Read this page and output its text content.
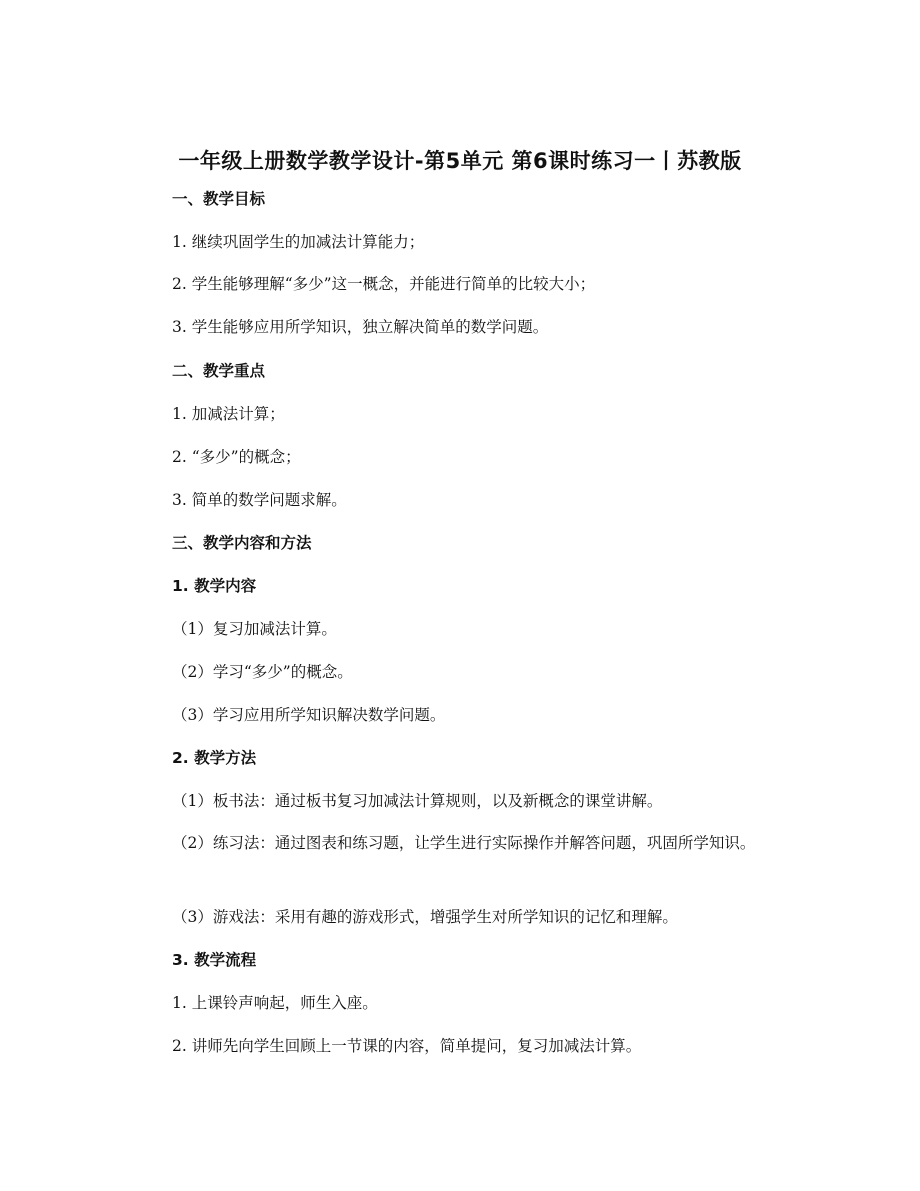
一年级上册数学教学设计-第5单元 第6课时练习一丨苏教版
一、教学目标
1. 继续巩固学生的加减法计算能力；
2. 学生能够理解“多少”这一概念，并能进行简单的比较大小；
3. 学生能够应用所学知识，独立解决简单的数学问题。
二、教学重点
1. 加减法计算；
2. “多少”的概念；
3. 简单的数学问题求解。
三、教学内容和方法
1. 教学内容
（1）复习加减法计算。
（2）学习“多少”的概念。
（3）学习应用所学知识解决数学问题。
2. 教学方法
（1）板书法：通过板书复习加减法计算规则，以及新概念的课堂讲解。
（2）练习法：通过图表和练习题，让学生进行实际操作并解答问题，巩固所学知识。
（3）游戏法：采用有趣的游戏形式，增强学生对所学知识的记忆和理解。
3. 教学流程
1. 上课铃声响起，师生入座。
2. 讲师先向学生回顾上一节课的内容，简单提问，复习加减法计算。
